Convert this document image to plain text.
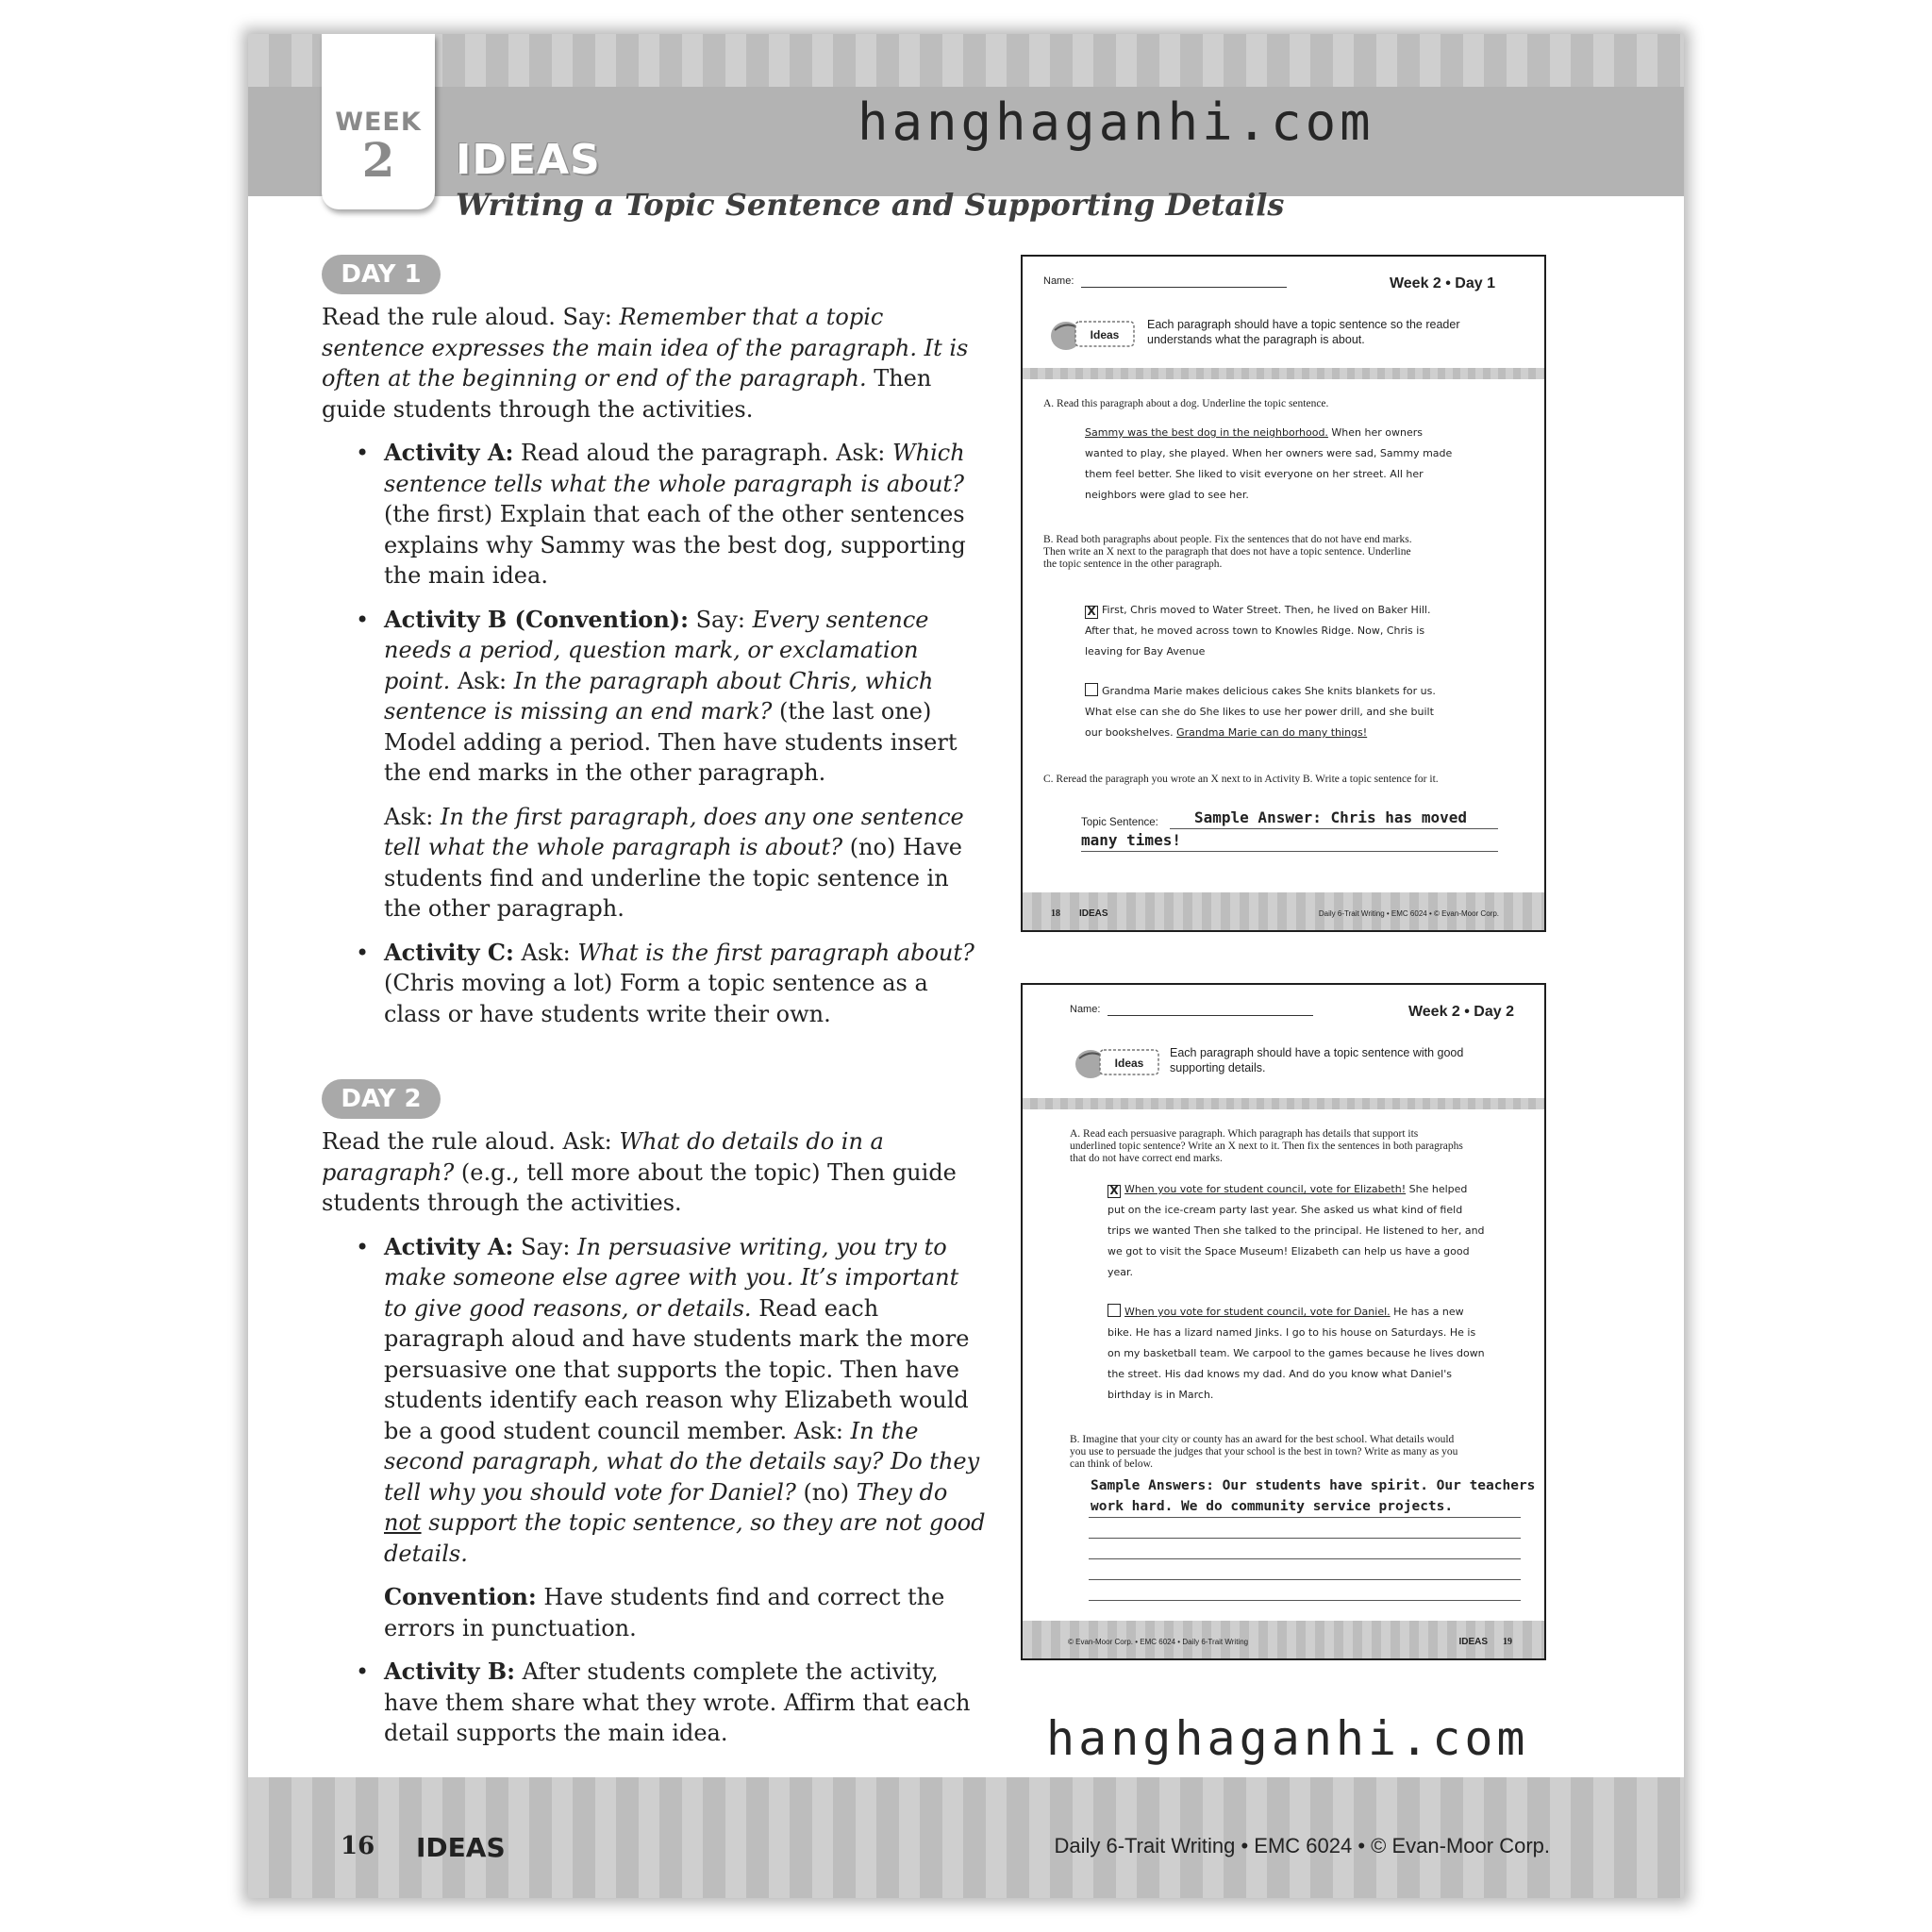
WEEK
2	IDEAS
Writing a Topic Sentence and Supporting Details
hanghaganhi.com
DAY 1

Read the rule aloud. Say: Remember that a topic sentence expresses the main idea of the paragraph. It is often at the beginning or end of the paragraph. Then guide students through the activities.

• Activity A: Read aloud the paragraph. Ask: Which sentence tells what the whole paragraph is about? (the first) Explain that each of the other sentences explains why Sammy was the best dog, supporting the main idea.
• Activity B (Convention): Say: Every sentence needs a period, question mark, or exclamation point. Ask: In the paragraph about Chris, which sentence is missing an end mark? (the last one) Model adding a period. Then have students insert the end marks in the other paragraph.
Ask: In the first paragraph, does any one sentence tell what the whole paragraph is about? (no) Have students find and underline the topic sentence in the other paragraph.
• Activity C: Ask: What is the first paragraph about? (Chris moving a lot) Form a topic sentence as a class or have students write their own.
DAY 2

Read the rule aloud. Ask: What do details do in a paragraph? (e.g., tell more about the topic) Then guide students through the activities.

• Activity A: Say: In persuasive writing, you try to make someone else agree with you. It’s important to give good reasons, or details. Read each paragraph aloud and have students mark the more persuasive one that supports the topic. Then have students identify each reason why Elizabeth would be a good student council member. Ask: In the second paragraph, what do the details say? Do they tell why you should vote for Daniel? (no) They do not support the topic sentence, so they are not good details.
Convention: Have students find and correct the errors in punctuation.
• Activity B: After students complete the activity, have them share what they wrote. Affirm that each detail supports the main idea.
Name:	Week 2 • Day 1
Ideas
Each paragraph should have a topic sentence so the reader understands what the paragraph is about.
A. Read this paragraph about a dog. Underline the topic sentence.
Sammy was the best dog in the neighborhood. When her owners wanted to play, she played. When her owners were sad, Sammy made them feel better. She liked to visit everyone on her street. All her neighbors were glad to see her.
B. Read both paragraphs about people. Fix the sentences that do not have end marks. Then write an X next to the paragraph that does not have a topic sentence. Underline the topic sentence in the other paragraph.
X First, Chris moved to Water Street. Then, he lived on Baker Hill. After that, he moved across town to Knowles Ridge. Now, Chris is leaving for Bay Avenue
Grandma Marie makes delicious cakes She knits blankets for us. What else can she do She likes to use her power drill, and she built our bookshelves. Grandma Marie can do many things!
C. Reread the paragraph you wrote an X next to in Activity B. Write a topic sentence for it.
Topic Sentence: Sample Answer: Chris has moved
many times!
18 IDEAS	Daily 6-Trait Writing • EMC 6024 • © Evan-Moor Corp.
Name:	Week 2 • Day 2
Ideas
Each paragraph should have a topic sentence with good supporting details.
A. Read each persuasive paragraph. Which paragraph has details that support its underlined topic sentence? Write an X next to it. Then fix the sentences in both paragraphs that do not have correct end marks.
X When you vote for student council, vote for Elizabeth! She helped put on the ice-cream party last year. She asked us what kind of field trips we wanted Then she talked to the principal. He listened to her, and we got to visit the Space Museum! Elizabeth can help us have a good year.
When you vote for student council, vote for Daniel. He has a new bike. He has a lizard named Jinks. I go to his house on Saturdays. He is on my basketball team. We carpool to the games because he lives down the street. His dad knows my dad. And do you know what Daniel's birthday is in March.
B. Imagine that your city or county has an award for the best school. What details would you use to persuade the judges that your school is the best in town? Write as many as you can think of below.
Sample Answers: Our students have spirit. Our teachers
work hard. We do community service projects.
© Evan-Moor Corp. • EMC 6024 • Daily 6-Trait Writing	IDEAS 19
hanghaganhi.com
16 IDEAS	Daily 6-Trait Writing • EMC 6024 • © Evan-Moor Corp.
